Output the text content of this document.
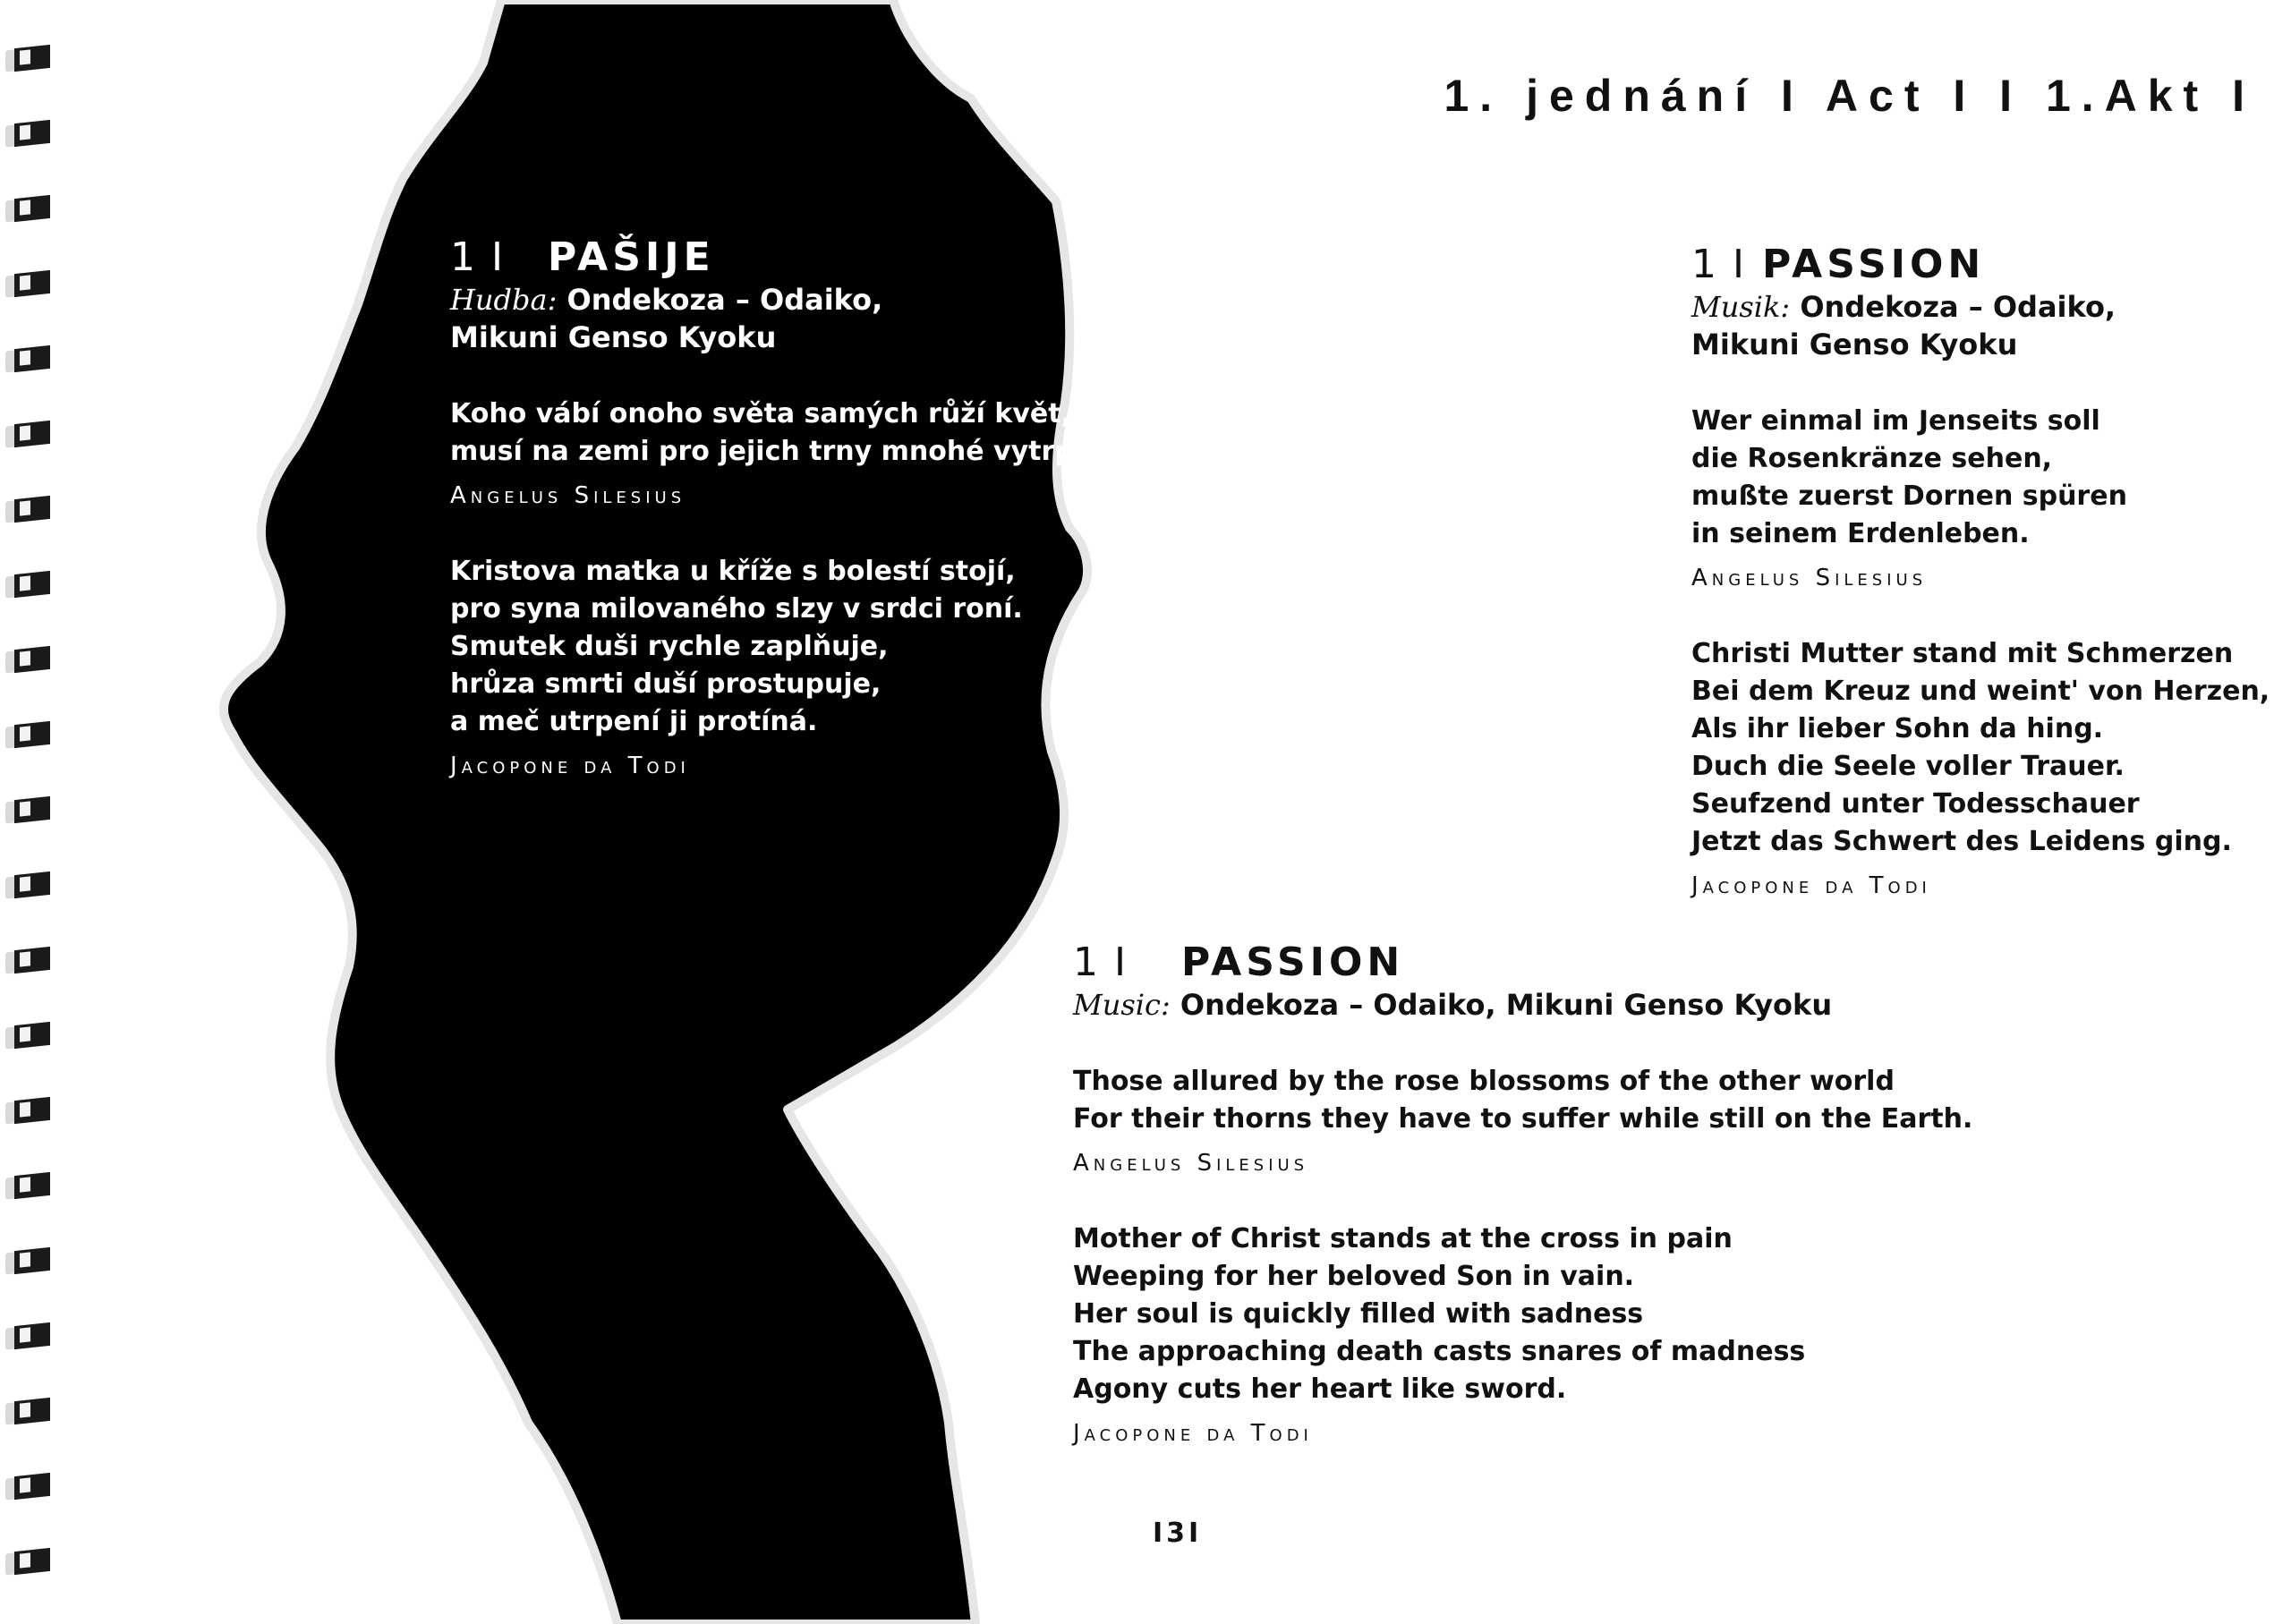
1. jednání I Act I I 1.Akt I
1 I PAŠIJE
Hudba: Ondekoza – Odaiko,
Mikuni Genso Kyoku
Koho vábí onoho světa samých růží květ,
musí na zemi pro jejich trny mnohé vytrpět.
Angelus Silesius
Kristova matka u kříže s bolestí stojí,
pro syna milovaného slzy v srdci roní.
Smutek duši rychle zaplňuje,
hrůza smrti duší prostupuje,
a meč utrpení ji protíná.
Jacopone da Todi
1 I PASSION
Musik: Ondekoza – Odaiko,
Mikuni Genso Kyoku
Wer einmal im Jenseits soll
die Rosenkränze sehen,
mußte zuerst Dornen spüren
in seinem Erdenleben.
Angelus Silesius
Christi Mutter stand mit Schmerzen
Bei dem Kreuz und weint' von Herzen,
Als ihr lieber Sohn da hing.
Duch die Seele voller Trauer.
Seufzend unter Todesschauer
Jetzt das Schwert des Leidens ging.
Jacopone da Todi
1 I PASSION
Music: Ondekoza – Odaiko, Mikuni Genso Kyoku
Those allured by the rose blossoms of the other world
For their thorns they have to suffer while still on the Earth.
Angelus Silesius
Mother of Christ stands at the cross in pain
Weeping for her beloved Son in vain.
Her soul is quickly filled with sadness
The approaching death casts snares of madness
Agony cuts her heart like sword.
Jacopone da Todi
I3I
